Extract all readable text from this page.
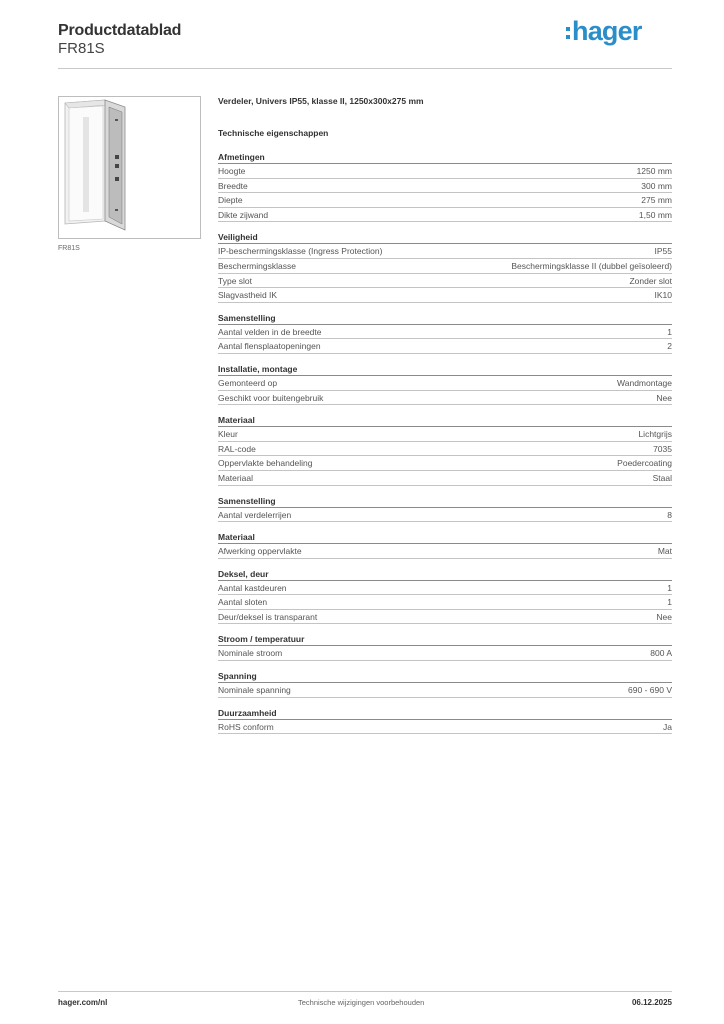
Productdatablad
FR81S
hager
FR81S
Verdeler, Univers IP55, klasse II, 1250x300x275 mm
Technische eigenschappen
Afmetingen
Hoogte	1250 mm
Breedte	300 mm
Diepte	275 mm
Dikte zijwand	1,50 mm
Veiligheid
IP-beschermingsklasse (Ingress Protection)	IP55
Beschermingsklasse	Beschermingsklasse II (dubbel geïsoleerd)
Type slot	Zonder slot
Slagvastheid IK	IK10
Samenstelling
Aantal velden in de breedte	1
Aantal flensplaatopeningen	2
Installatie, montage
Gemonteerd op	Wandmontage
Geschikt voor buitengebruik	Nee
Materiaal
Kleur	Lichtgrijs
RAL-code	7035
Oppervlakte behandeling	Poedercoating
Materiaal	Staal
Samenstelling
Aantal verdelerrijen	8
Materiaal
Afwerking oppervlakte	Mat
Deksel, deur
Aantal kastdeuren	1
Aantal sloten	1
Deur/deksel is transparant	Nee
Stroom / temperatuur
Nominale stroom	800 A
Spanning
Nominale spanning	690 - 690 V
Duurzaamheid
RoHS conform	Ja
hager.com/nl	Technische wijzigingen voorbehouden	06.12.2025
